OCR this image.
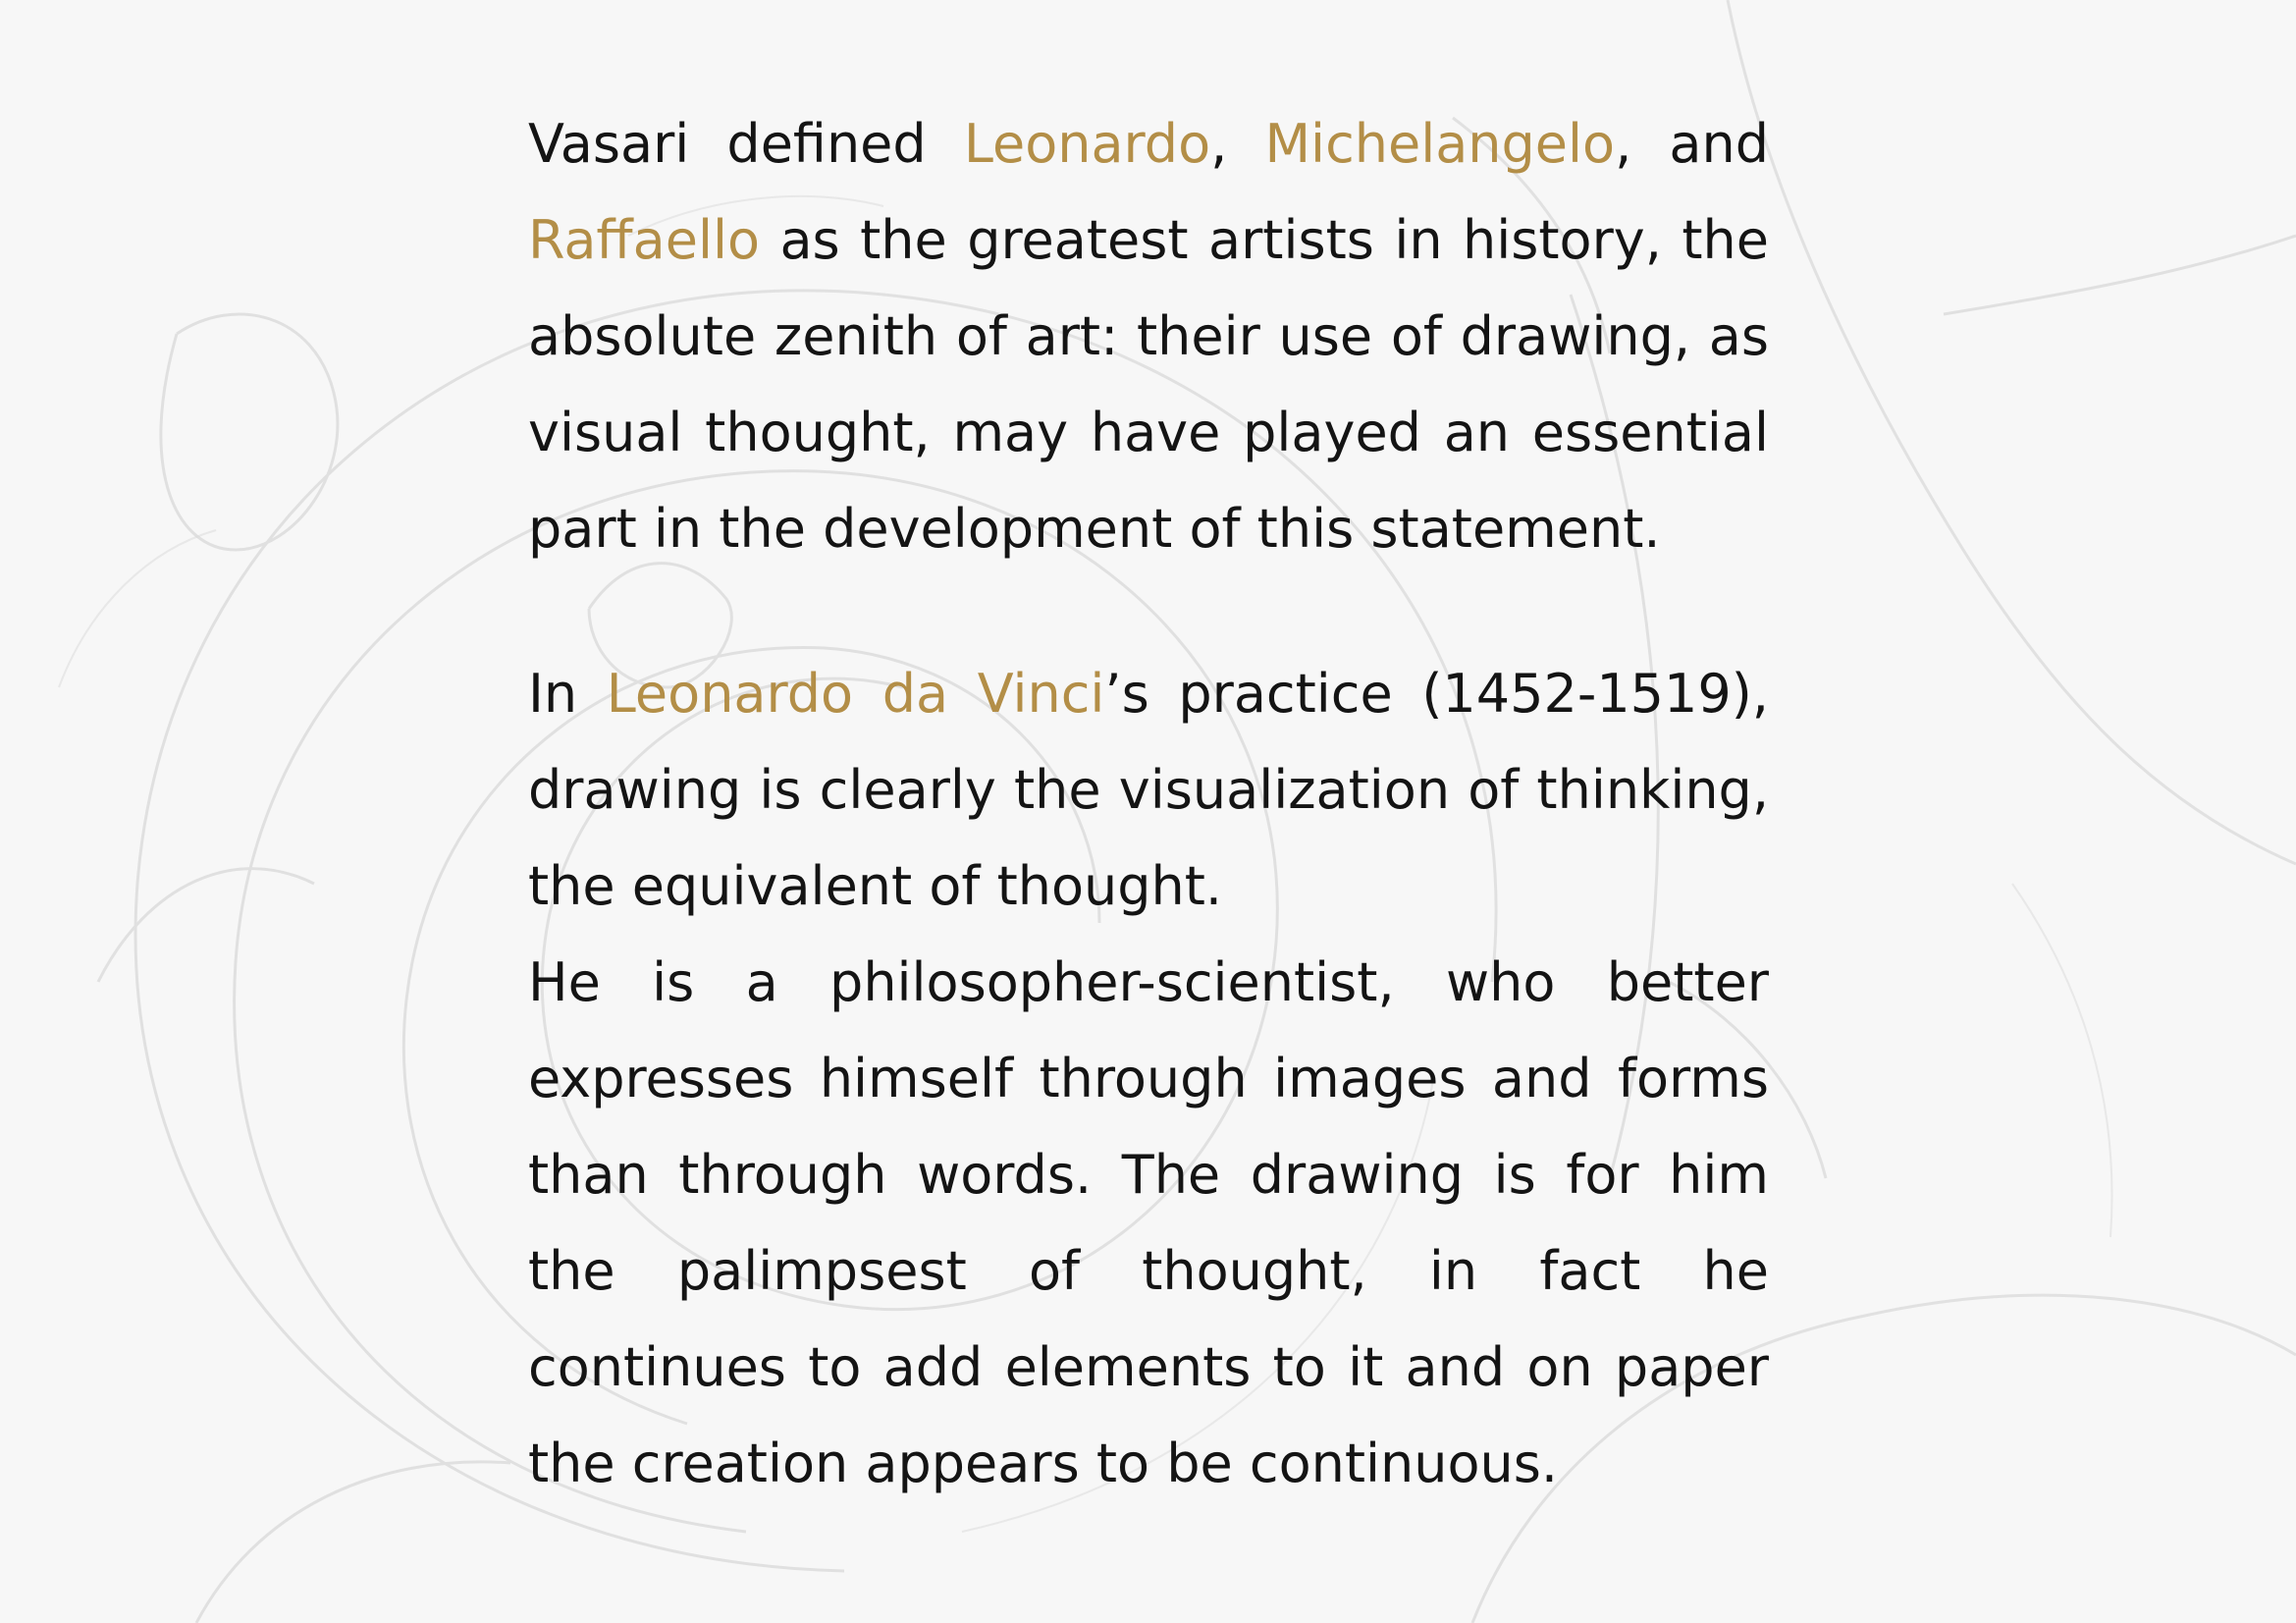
Vasari defined Leonardo, Michelangelo, and Raffaello as the greatest artists in history, the absolute zenith of art: their use of drawing, as visual thought, may have played an essential part in the development of this statement.

In Leonardo da Vinci’s practice (1452-1519), drawing is clearly the visualization of thinking, the equivalent of thought.

He is a philosopher-scientist, who better expresses himself through images and forms than through words. The drawing is for him the palimpsest of thought, in fact he continues to add elements to it and on paper the creation appears to be continuous.
